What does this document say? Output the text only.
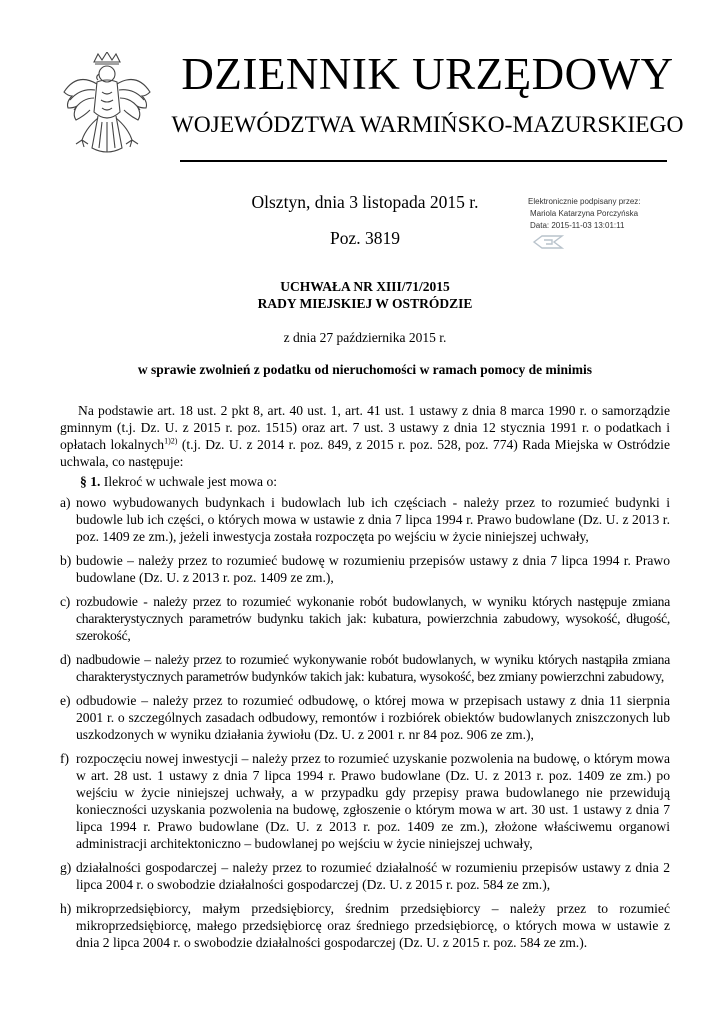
DZIENNIK URZĘDOWY
WOJEWÓDZTWA WARMIŃSKO-MAZURSKIEGO
Olsztyn, dnia 3 listopada 2015 r.
Poz. 3819
Elektronicznie podpisany przez:
Mariola Katarzyna Porczyńska
Data: 2015-11-03 13:01:11
UCHWAŁA NR XIII/71/2015
RADY MIEJSKIEJ W OSTRÓDZIE
z dnia 27 października 2015 r.
w sprawie zwolnień z podatku od nieruchomości w ramach pomocy de minimis

Na podstawie art. 18 ust. 2 pkt 8, art. 40 ust. 1, art. 41 ust. 1 ustawy z dnia 8 marca 1990 r. o samorządzie gminnym (t.j. Dz. U. z 2015 r. poz. 1515) oraz art. 7 ust. 3 ustawy z dnia 12 stycznia 1991 r. o podatkach i opłatach lokalnych$^{1)2)}$ (t.j. Dz. U. z 2014 r. poz. 849, z 2015 r. poz. 528, poz. 774) Rada Miejska w Ostródzie uchwala, co następuje:

§ 1. Ilekroć w uchwale jest mowa o:

a) nowo wybudowanych budynkach i budowlach lub ich częściach - należy przez to rozumieć budynki i budowle lub ich części, o których mowa w ustawie z dnia 7 lipca 1994 r. Prawo budowlane (Dz. U. z 2013 r. poz. 1409 ze zm.), jeżeli inwestycja została rozpoczęta po wejściu w życie niniejszej uchwały,
b) budowie – należy przez to rozumieć budowę w rozumieniu przepisów ustawy z dnia 7 lipca 1994 r. Prawo budowlane (Dz. U. z 2013 r. poz. 1409 ze zm.),
c) rozbudowie - należy przez to rozumieć wykonanie robót budowlanych, w wyniku których następuje zmiana charakterystycznych parametrów budynku takich jak: kubatura, powierzchnia zabudowy, wysokość, długość, szerokość,
d) nadbudowie – należy przez to rozumieć wykonywanie robót budowlanych, w wyniku których nastąpiła zmiana charakterystycznych parametrów budynków takich jak: kubatura, wysokość, bez zmiany powierzchni zabudowy,
e) odbudowie – należy przez to rozumieć odbudowę, o której mowa w przepisach ustawy z dnia 11 sierpnia 2001 r. o szczególnych zasadach odbudowy, remontów i rozbiórek obiektów budowlanych zniszczonych lub uszkodzonych w wyniku działania żywiołu (Dz. U. z 2001 r. nr 84 poz. 906 ze zm.),
f) rozpoczęciu nowej inwestycji – należy przez to rozumieć uzyskanie pozwolenia na budowę, o którym mowa w art. 28 ust. 1 ustawy z dnia 7 lipca 1994 r. Prawo budowlane (Dz. U. z 2013 r. poz. 1409 ze zm.) po wejściu w życie niniejszej uchwały, a w przypadku gdy przepisy prawa budowlanego nie przewidują konieczności uzyskania pozwolenia na budowę, zgłoszenie o którym mowa w art. 30 ust. 1 ustawy z dnia 7 lipca 1994 r. Prawo budowlane (Dz. U. z 2013 r. poz. 1409 ze zm.), złożone właściwemu organowi administracji architektoniczno – budowlanej po wejściu w życie niniejszej uchwały,
g) działalności gospodarczej – należy przez to rozumieć działalność w rozumieniu przepisów ustawy z dnia 2 lipca 2004 r. o swobodzie działalności gospodarczej (Dz. U. z 2015 r. poz. 584 ze zm.),
h) mikroprzedsiębiorcy, małym przedsiębiorcy, średnim przedsiębiorcy – należy przez to rozumieć mikroprzedsiębiorcę, małego przedsiębiorcę oraz średniego przedsiębiorcę, o których mowa w ustawie z dnia 2 lipca 2004 r. o swobodzie działalności gospodarczej (Dz. U. z 2015 r. poz. 584 ze zm.).
